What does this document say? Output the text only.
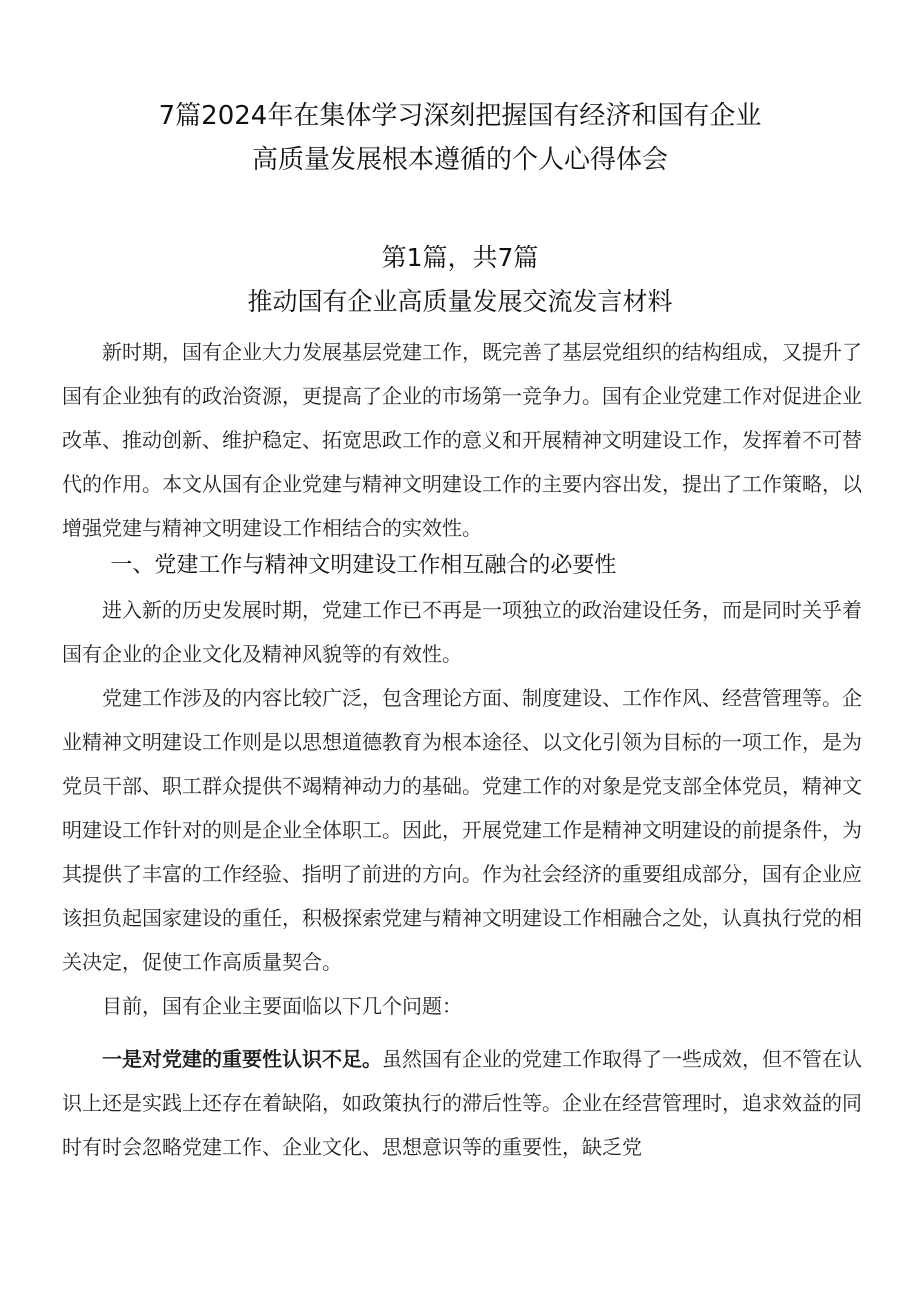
7篇2024年在集体学习深刻把握国有经济和国有企业
高质量发展根本遵循的个人心得体会
第1篇，共7篇
推动国有企业高质量发展交流发言材料

新时期，国有企业大力发展基层党建工作，既完善了基层党组织的结构组成，又提升了国有企业独有的政治资源，更提高了企业的市场第一竞争力。国有企业党建工作对促进企业改革、推动创新、维护稳定、拓宽思政工作的意义和开展精神文明建设工作，发挥着不可替代的作用。本文从国有企业党建与精神文明建设工作的主要内容出发，提出了工作策略，以增强党建与精神文明建设工作相结合的实效性。

一、党建工作与精神文明建设工作相互融合的必要性

进入新的历史发展时期，党建工作已不再是一项独立的政治建设任务，而是同时关乎着国有企业的企业文化及精神风貌等的有效性。

党建工作涉及的内容比较广泛，包含理论方面、制度建设、工作作风、经营管理等。企业精神文明建设工作则是以思想道德教育为根本途径、以文化引领为目标的一项工作，是为党员干部、职工群众提供不竭精神动力的基础。党建工作的对象是党支部全体党员，精神文明建设工作针对的则是企业全体职工。因此，开展党建工作是精神文明建设的前提条件，为其提供了丰富的工作经验、指明了前进的方向。作为社会经济的重要组成部分，国有企业应该担负起国家建设的重任，积极探索党建与精神文明建设工作相融合之处，认真执行党的相关决定，促使工作高质量契合。

目前，国有企业主要面临以下几个问题：

一是对党建的重要性认识不足。虽然国有企业的党建工作取得了一些成效，但不管在认识上还是实践上还存在着缺陷，如政策执行的滞后性等。企业在经营管理时，追求效益的同时有时会忽略党建工作、企业文化、思想意识等的重要性，缺乏党
